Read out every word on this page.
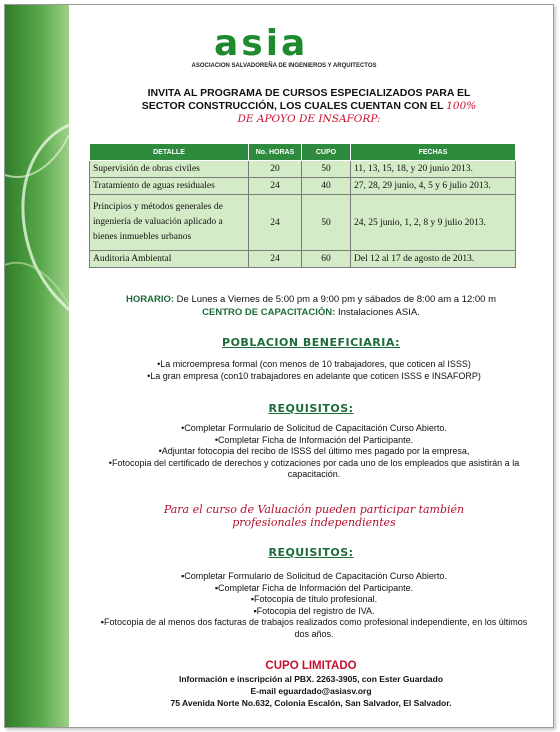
asia
ASOCIACION SALVADOREÑA DE INGENIEROS Y ARQUITECTOS
INVITA AL PROGRAMA DE CURSOS ESPECIALIZADOS PARA EL
SECTOR CONSTRUCCIÓN, LOS CUALES CUENTAN CON EL 100%
DE APOYO DE INSAFORP:
DETALLE	No. HORAS	CUPO	FECHAS
Supervisión de obras civiles	20	50	11, 13, 15, 18, y 20 junio 2013.
Tratamiento de aguas residuales	24	40	27, 28, 29 junio, 4, 5 y 6 julio 2013.
Principios y métodos generales de ingeniería de valuación aplicado a bienes inmuebles urbanos	24	50	24, 25 junio, 1, 2, 8 y 9 julio 2013.
Auditoria Ambiental	24	60	Del 12 al 17 de agosto de 2013.
HORARIO: De Lunes a Viernes de 5:00 pm a 9:00 pm y sábados de 8:00 am a 12:00 m
CENTRO DE CAPACITACIÓN: Instalaciones ASIA.
POBLACION BENEFICIARIA:
•La microempresa formal (con menos de 10 trabajadores, que coticen al ISSS)
•La gran empresa (con10 trabajadores en adelante que coticen ISSS e INSAFORP)
REQUISITOS:
•Completar Formulario de Solicitud de Capacitación Curso Abierto.
•Completar Ficha de Información del Participante.
•Adjuntar fotocopia del recibo de ISSS del último mes pagado por la empresa,
•Fotocopia del certificado de derechos y cotizaciones por cada uno de los empleados que asistirán a la capacitación.
Para el curso de Valuación pueden participar también
profesionales independientes
REQUISITOS:
▪Completar Formulario de Solicitud de Capacitación Curso Abierto.
▪Completar Ficha de Información del Participante.
▪Fotocopia de título profesional.
▪Fotocopia del registro de IVA.
▪Fotocopia de al menos dos facturas de trabajos realizados como profesional independiente, en los últimos dos años.
CUPO LIMITADO
Información e inscripción al PBX. 2263-3905, con Ester Guardado
E-mail eguardado@asiasv.org
75 Avenida Norte No.632, Colonia Escalón, San Salvador, El Salvador.
